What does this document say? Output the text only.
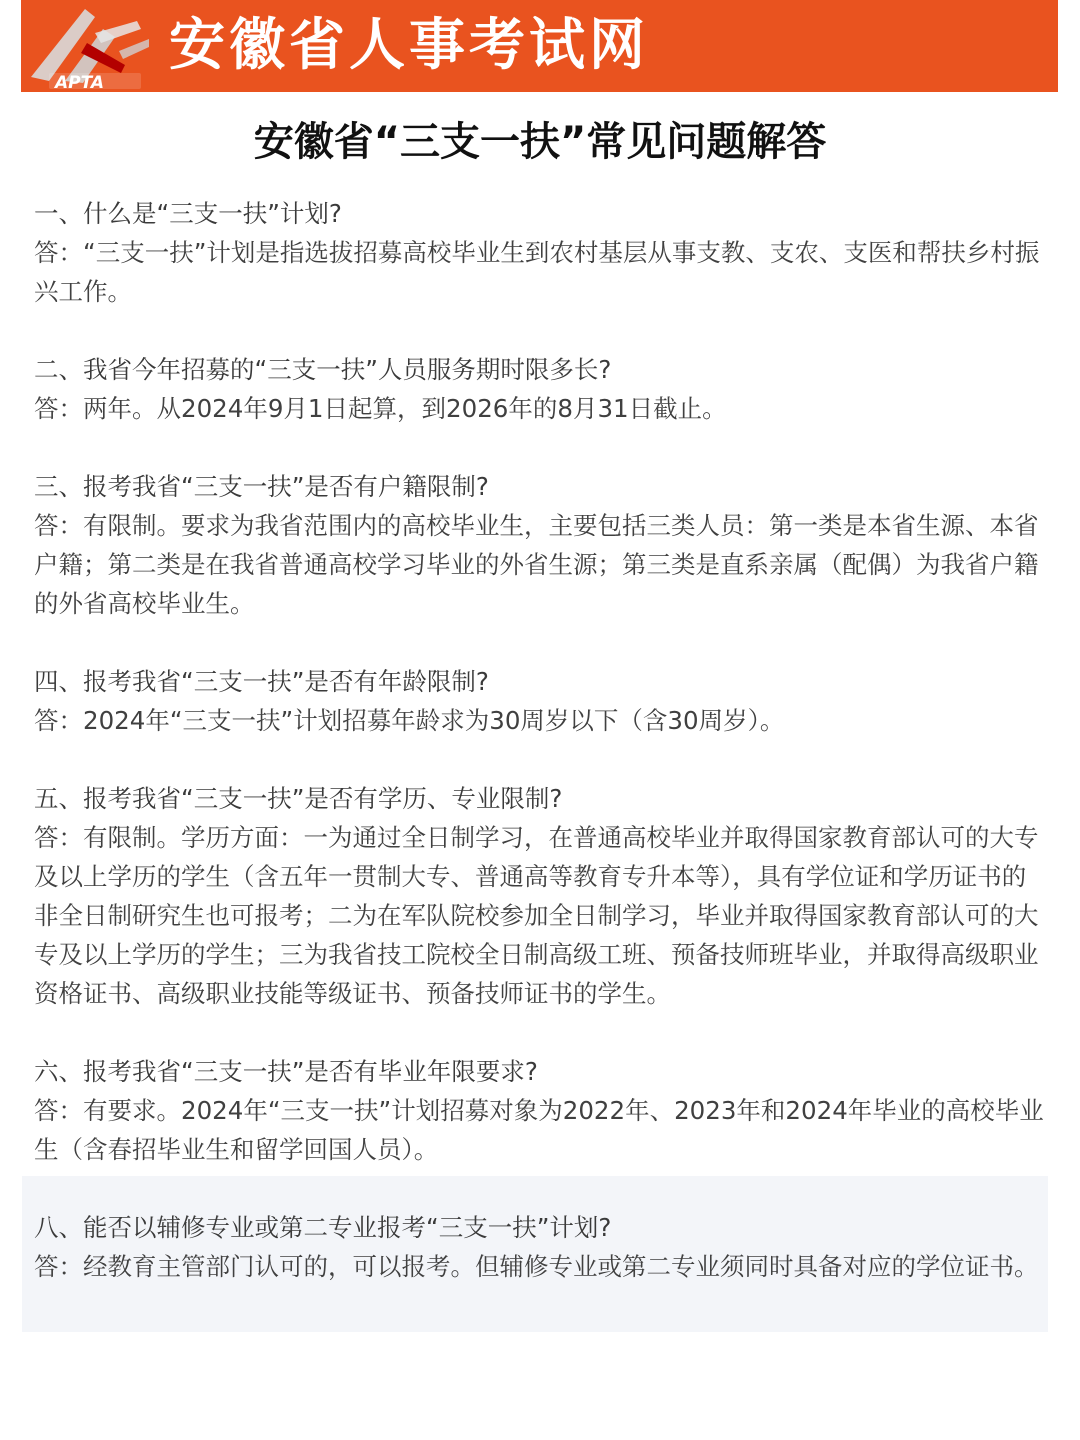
APTA
安徽省人事考试网
安徽省“三支一扶”常见问题解答
一、什么是“三支一扶”计划?
答：“三支一扶”计划是指选拔招募高校毕业生到农村基层从事支教、支农、支医和帮扶乡村振兴工作。
二、我省今年招募的“三支一扶”人员服务期时限多长?
答：两年。从2024年9月1日起算，到2026年的8月31日截止。
三、报考我省“三支一扶”是否有户籍限制?
答：有限制。要求为我省范围内的高校毕业生，主要包括三类人员：第一类是本省生源、本省户籍；第二类是在我省普通高校学习毕业的外省生源；第三类是直系亲属（配偶）为我省户籍的外省高校毕业生。
四、报考我省“三支一扶”是否有年龄限制?
答：2024年“三支一扶”计划招募年龄求为30周岁以下（含30周岁）。
五、报考我省“三支一扶”是否有学历、专业限制?
答：有限制。学历方面：一为通过全日制学习，在普通高校毕业并取得国家教育部认可的大专及以上学历的学生（含五年一贯制大专、普通高等教育专升本等），具有学位证和学历证书的非全日制研究生也可报考；二为在军队院校参加全日制学习，毕业并取得国家教育部认可的大专及以上学历的学生；三为我省技工院校全日制高级工班、预备技师班毕业，并取得高级职业资格证书、高级职业技能等级证书、预备技师证书的学生。
六、报考我省“三支一扶”是否有毕业年限要求?
答：有要求。2024年“三支一扶”计划招募对象为2022年、2023年和2024年毕业的高校毕业生（含春招毕业生和留学回国人员）。
八、能否以辅修专业或第二专业报考“三支一扶”计划?
答：经教育主管部门认可的，可以报考。但辅修专业或第二专业须同时具备对应的学位证书。
